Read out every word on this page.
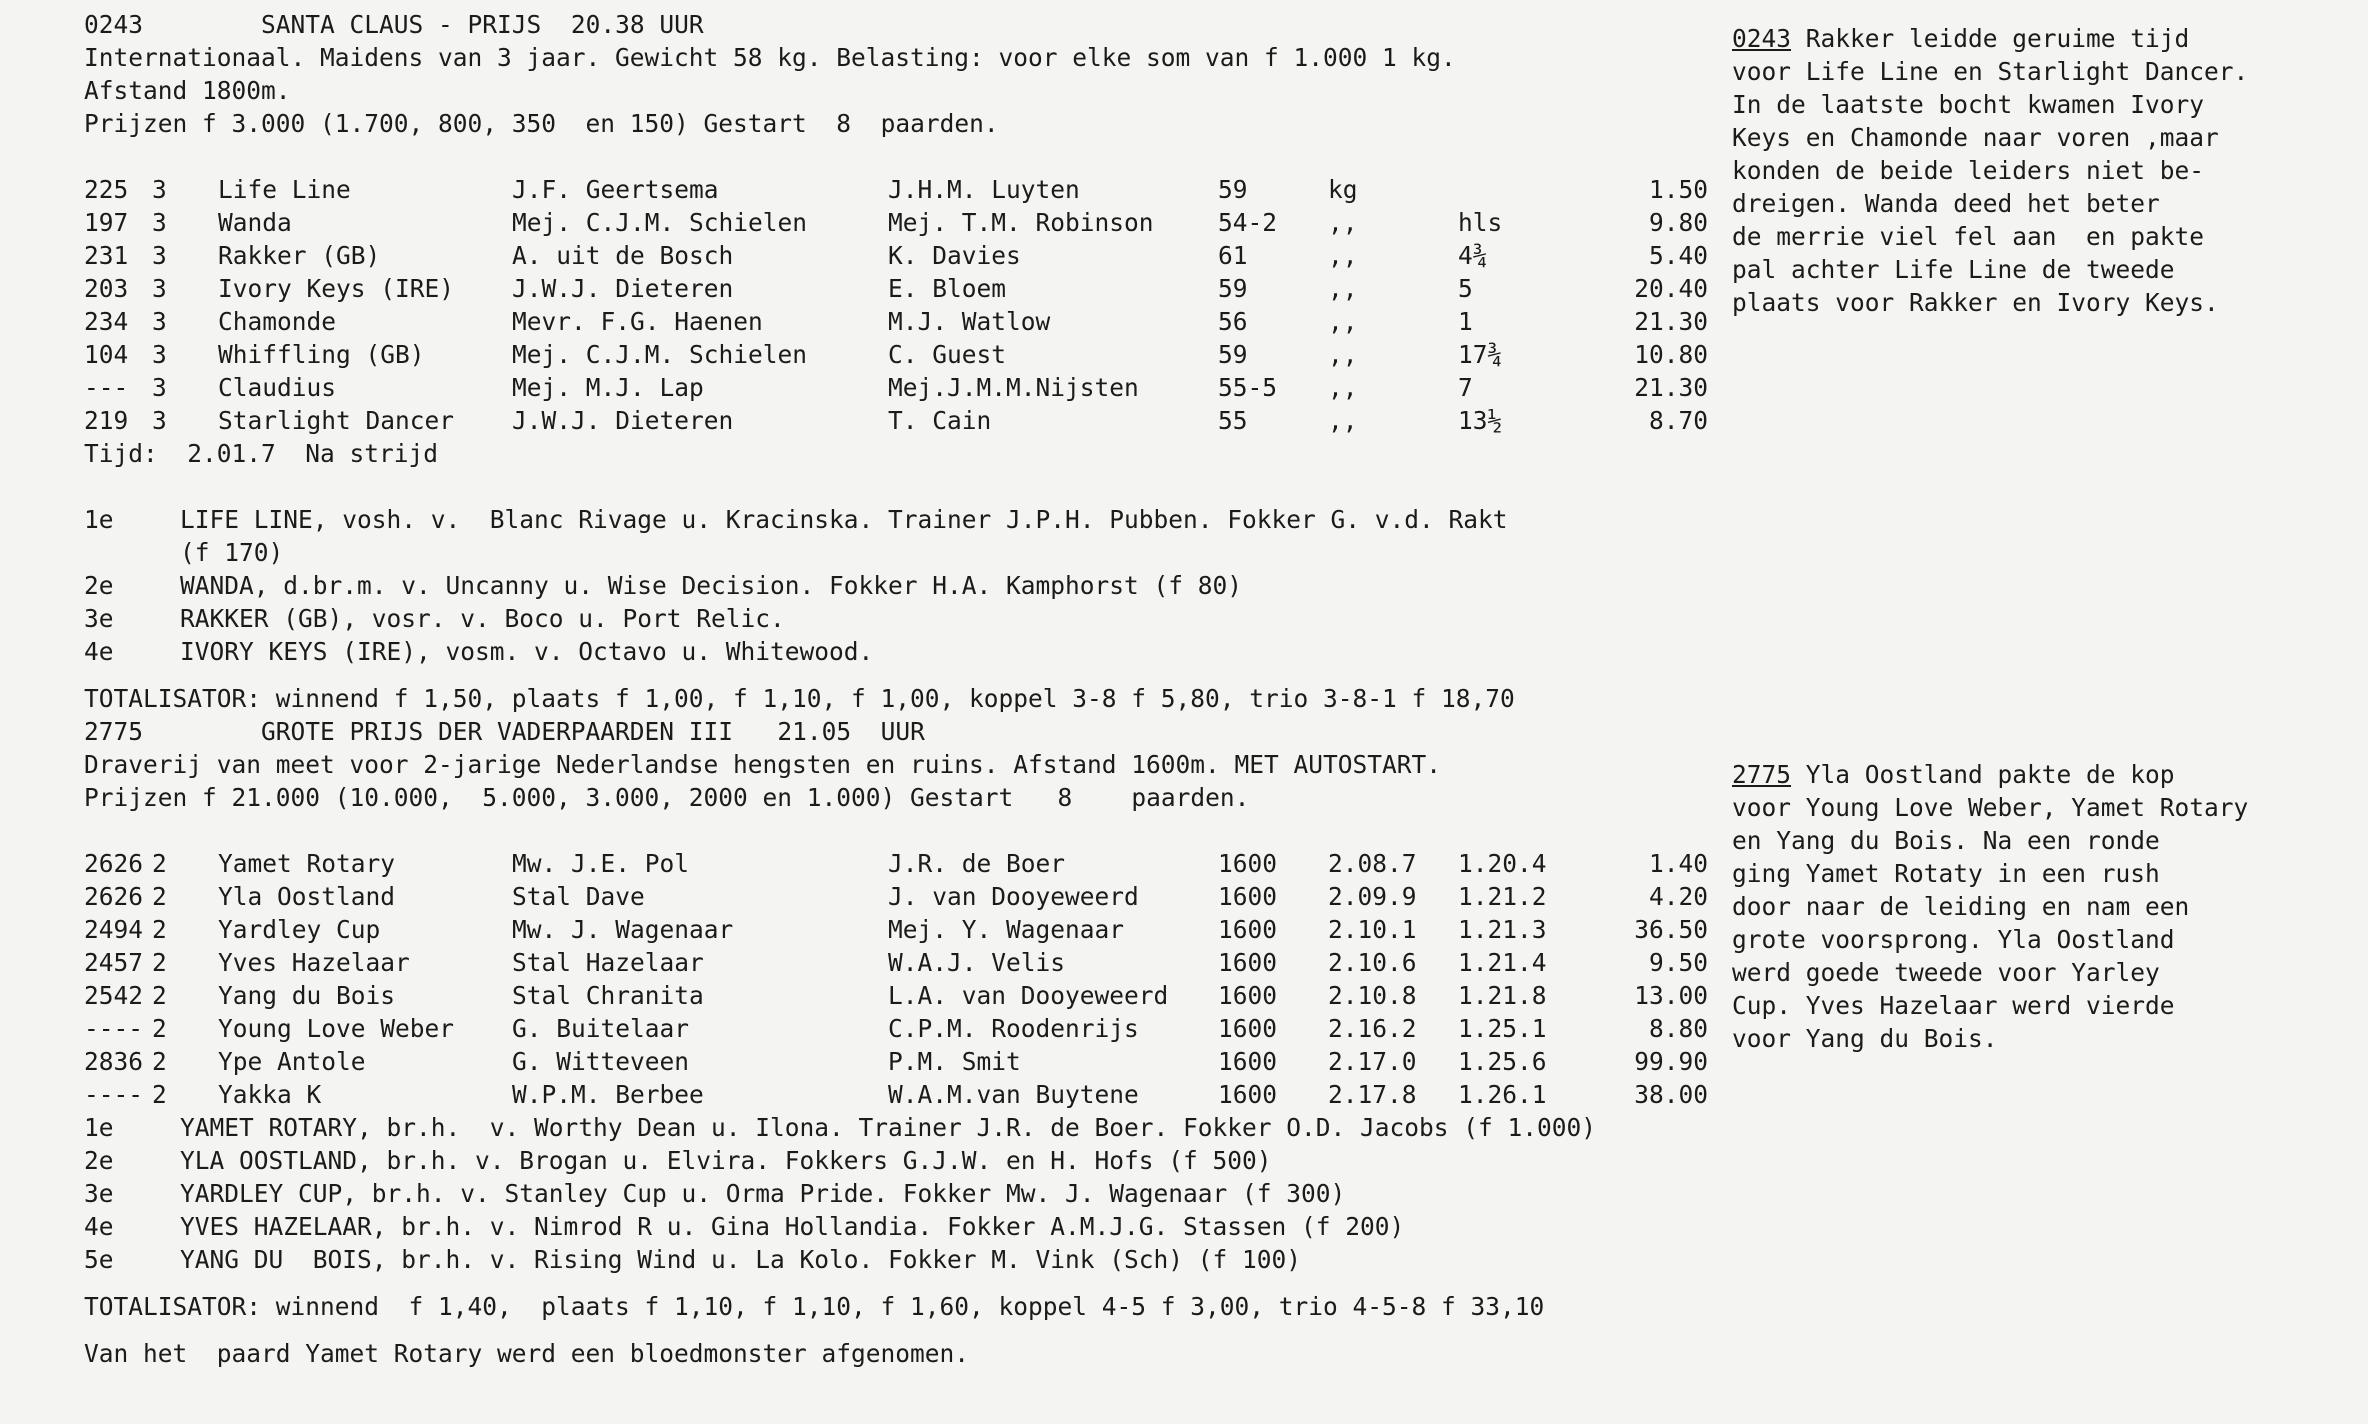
0243	SANTA CLAUS - PRIJS 20.38 UUR
Internationaal. Maidens van 3 jaar. Gewicht 58 kg. Belasting: voor elke som van f 1.000 1 kg.
Afstand 1800m.
Prijzen f 3.000 (1.700, 800, 350  en 150) Gestart 8 paarden.
225	3	Life Line	J.F. Geertsema	J.H.M. Luyten	59	kg		1.50
197	3	Wanda	Mej. C.J.M. Schielen	Mej. T.M. Robinson	54-2	,,	hls	9.80
231	3	Rakker (GB)	A. uit de Bosch	K. Davies	61	,,	4¾	5.40
203	3	Ivory Keys (IRE)	J.W.J. Dieteren	E. Bloem	59	,,	5	20.40
234	3	Chamonde	Mevr. F.G. Haenen	M.J. Watlow	56	,,	1	21.30
104	3	Whiffling (GB)	Mej. C.J.M. Schielen	C. Guest	59	,,	17¾	10.80
---	3	Claudius	Mej. M.J. Lap	Mej.J.M.M.Nijsten	55-5	,,	7	21.30
219	3	Starlight Dancer	J.W.J. Dieteren	T. Cain	55	,,	13½	8.70
Tijd:  2.01.7  Na strijd
1e	LIFE LINE, vosh. v.  Blanc Rivage u. Kracinska. Trainer J.P.H. Pubben. Fokker G. v.d. Rakt
(f 170)
2e	WANDA, d.br.m. v. Uncanny u. Wise Decision. Fokker H.A. Kamphorst (f 80)
3e	RAKKER (GB), vosr. v. Boco u. Port Relic.
4e	IVORY KEYS (IRE), vosm. v. Octavo u. Whitewood.
TOTALISATOR: winnend f 1,50, plaats f 1,00, f 1,10, f 1,00, koppel 3-8 f 5,80, trio 3-8-1 f 18,70
2775	GROTE PRIJS DER VADERPAARDEN III 21.05  UUR
Draverij van meet voor 2-jarige Nederlandse hengsten en ruins. Afstand 1600m. MET AUTOSTART.
Prijzen f 21.000 (10.000,  5.000, 3.000, 2000 en 1.000) Gestart 8 paarden.
2626	2	Yamet Rotary	Mw. J.E. Pol	J.R. de Boer	1600	2.08.7	1.20.4	1.40
2626	2	Yla Oostland	Stal Dave	J. van Dooyeweerd	1600	2.09.9	1.21.2	4.20
2494	2	Yardley Cup	Mw. J. Wagenaar	Mej. Y. Wagenaar	1600	2.10.1	1.21.3	36.50
2457	2	Yves Hazelaar	Stal Hazelaar	W.A.J. Velis	1600	2.10.6	1.21.4	9.50
2542	2	Yang du Bois	Stal Chranita	L.A. van Dooyeweerd	1600	2.10.8	1.21.8	13.00
----	2	Young Love Weber	G. Buitelaar	C.P.M. Roodenrijs	1600	2.16.2	1.25.1	8.80
2836	2	Ype Antole	G. Witteveen	P.M. Smit	1600	2.17.0	1.25.6	99.90
----	2	Yakka K	W.P.M. Berbee	W.A.M.van Buytene	1600	2.17.8	1.26.1	38.00
1e	YAMET ROTARY, br.h.  v. Worthy Dean u. Ilona. Trainer J.R. de Boer. Fokker O.D. Jacobs (f 1.000)
2e	YLA OOSTLAND, br.h. v. Brogan u. Elvira. Fokkers G.J.W. en H. Hofs (f 500)
3e	YARDLEY CUP, br.h. v. Stanley Cup u. Orma Pride. Fokker Mw. J. Wagenaar (f 300)
4e	YVES HAZELAAR, br.h. v. Nimrod R u. Gina Hollandia. Fokker A.M.J.G. Stassen (f 200)
5e	YANG DU  BOIS, br.h. v. Rising Wind u. La Kolo. Fokker M. Vink (Sch) (f 100)
TOTALISATOR: winnend  f 1,40,  plaats f 1,10, f 1,10, f 1,60, koppel 4-5 f 3,00, trio 4-5-8 f 33,10
Van het  paard Yamet Rotary werd een bloedmonster afgenomen.
0243 Rakker leidde geruime tijd
voor Life Line en Starlight Dancer.
In de laatste bocht kwamen Ivory
Keys en Chamonde naar voren ,maar
konden de beide leiders niet be-
dreigen. Wanda deed het beter
de merrie viel fel aan  en pakte
pal achter Life Line de tweede
plaats voor Rakker en Ivory Keys.
2775 Yla Oostland pakte de kop
voor Young Love Weber, Yamet Rotary
en Yang du Bois. Na een ronde
ging Yamet Rotaty in een rush
door naar de leiding en nam een
grote voorsprong. Yla Oostland
werd goede tweede voor Yarley
Cup. Yves Hazelaar werd vierde
voor Yang du Bois.
